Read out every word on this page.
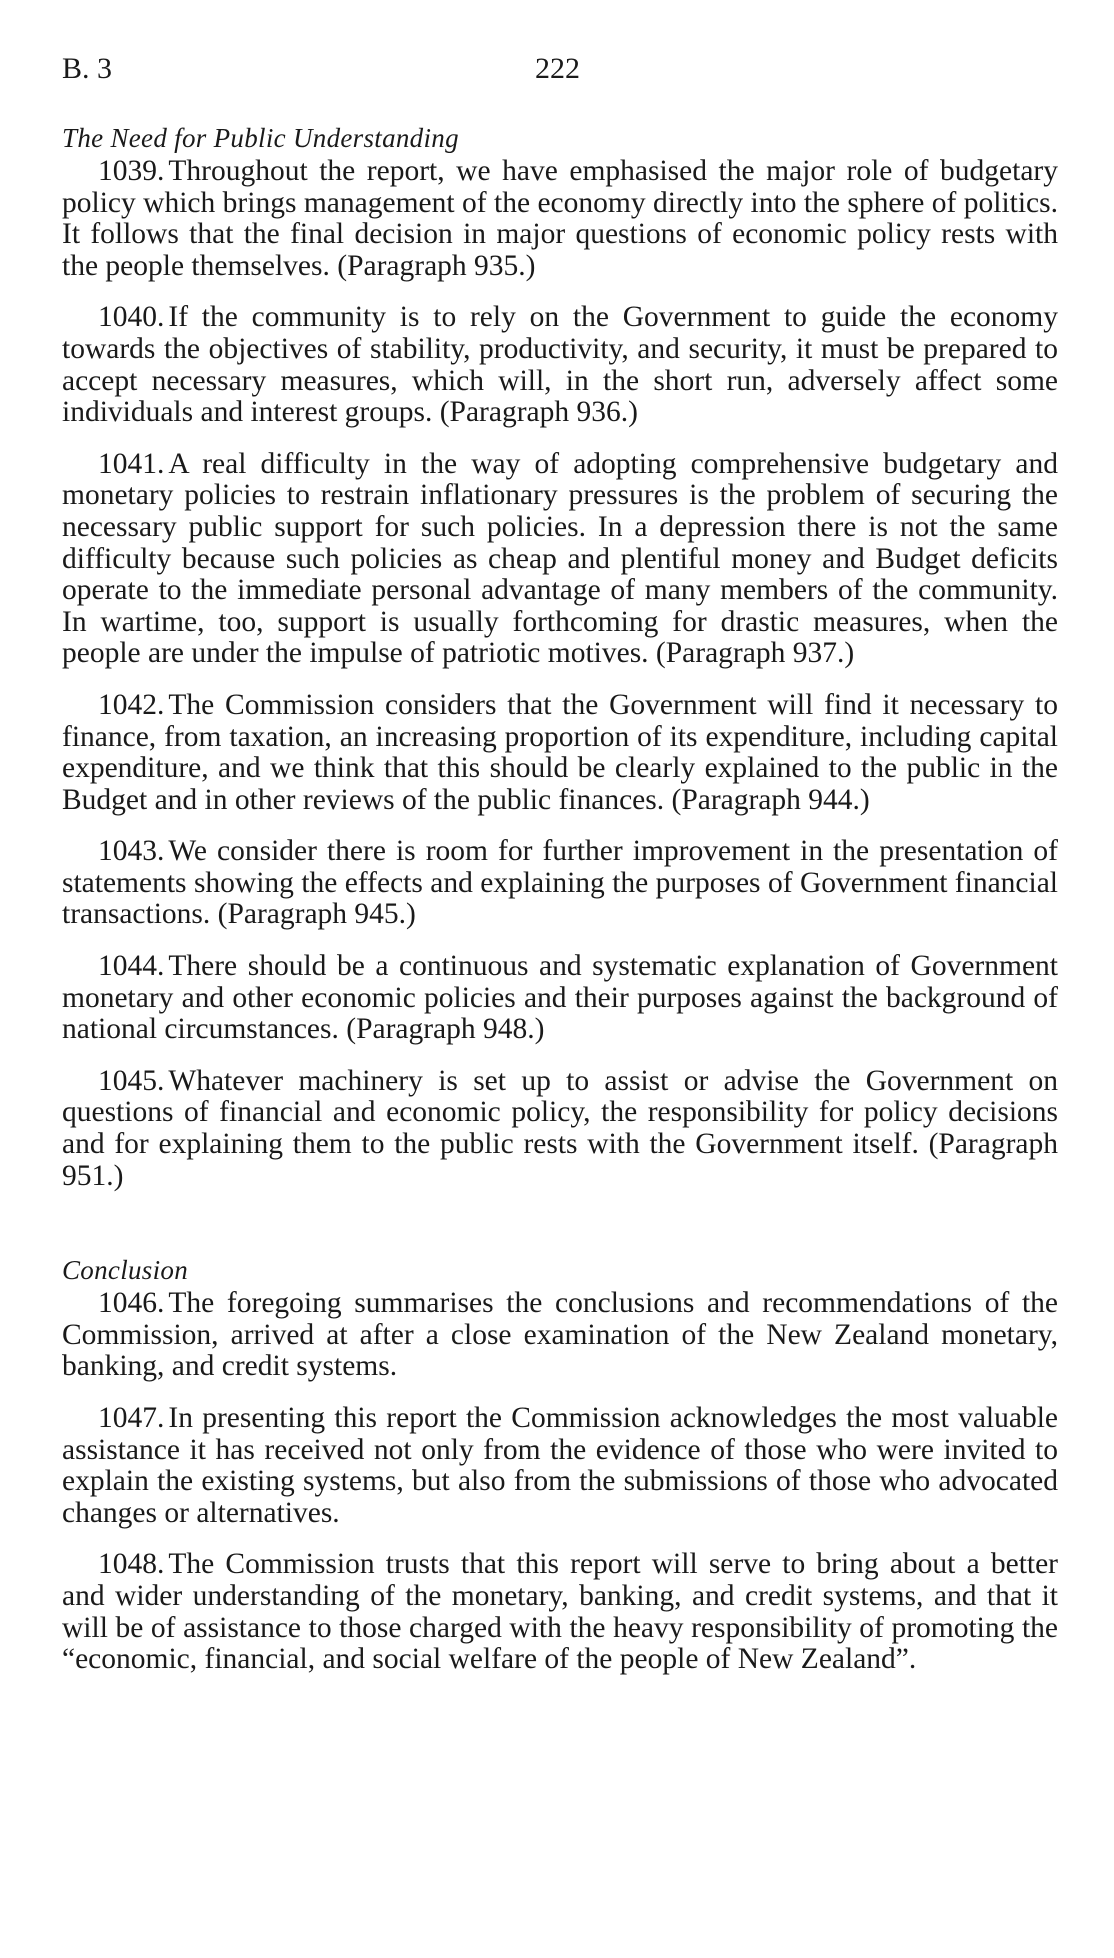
B. 3	222
The Need for Public Understanding

1039. Throughout the report, we have emphasised the major role of budgetary policy which brings management of the economy directly into the sphere of politics. It follows that the final decision in major questions of economic policy rests with the people themselves. (Paragraph 935.)

1040. If the community is to rely on the Government to guide the economy towards the objectives of stability, productivity, and security, it must be prepared to accept necessary measures, which will, in the short run, adversely affect some individuals and interest groups. (Paragraph 936.)

1041. A real difficulty in the way of adopting comprehensive budgetary and monetary policies to restrain inflationary pressures is the problem of securing the necessary public support for such policies. In a depression there is not the same difficulty because such policies as cheap and plentiful money and Budget deficits operate to the immediate personal advantage of many members of the community. In wartime, too, support is usually forthcoming for drastic measures, when the people are under the impulse of patriotic motives. (Paragraph 937.)

1042. The Commission considers that the Government will find it necessary to finance, from taxation, an increasing proportion of its expenditure, including capital expenditure, and we think that this should be clearly explained to the public in the Budget and in other reviews of the public finances. (Paragraph 944.)

1043. We consider there is room for further improvement in the presentation of statements showing the effects and explaining the purposes of Government financial transactions. (Paragraph 945.)

1044. There should be a continuous and systematic explanation of Government monetary and other economic policies and their purposes against the background of national circumstances. (Paragraph 948.)

1045. Whatever machinery is set up to assist or advise the Government on questions of financial and economic policy, the responsibility for policy decisions and for explaining them to the public rests with the Government itself. (Paragraph 951.)

Conclusion

1046. The foregoing summarises the conclusions and recommendations of the Commission, arrived at after a close examination of the New Zealand monetary, banking, and credit systems.

1047. In presenting this report the Commission acknowledges the most valuable assistance it has received not only from the evidence of those who were invited to explain the existing systems, but also from the submissions of those who advocated changes or alternatives.

1048. The Commission trusts that this report will serve to bring about a better and wider understanding of the monetary, banking, and credit systems, and that it will be of assistance to those charged with the heavy responsibility of promoting the “economic, financial, and social welfare of the people of New Zealand”.
